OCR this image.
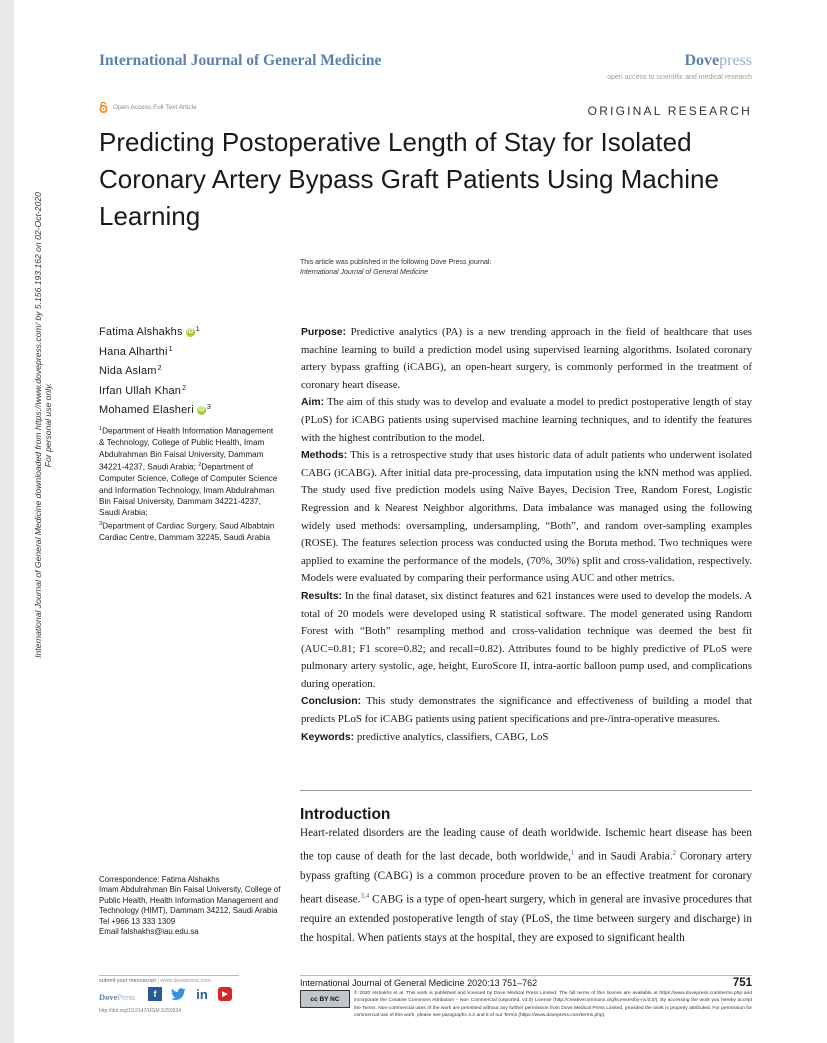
International Journal of General Medicine	Dovepress
open access to scientific and medical research
Open Access Full Text Article	ORIGINAL RESEARCH
Predicting Postoperative Length of Stay for Isolated Coronary Artery Bypass Graft Patients Using Machine Learning
International Journal of General Medicine downloaded from https://www.dovepress.com/ by 5.156.193.162 on 02-Oct-2020 For personal use only.
This article was published in the following Dove Press journal:
International Journal of General Medicine
Fatima Alshakhs iD $^1$
Hana Alharthi$^1$
Nida Aslam$^2$
Irfan Ullah Khan$^2$
Mohamed Elasheri iD $^3$
$^1$Department of Health Information Management & Technology, College of Public Health, Imam Abdulrahman Bin Faisal University, Dammam 34221-4237, Saudi Arabia; $^2$Department of Computer Science, College of Computer Science and Information Technology, Imam Abdulrahman Bin Faisal University, Dammam 34221-4237, Saudi Arabia;
$^3$Department of Cardiac Surgery, Saud Albabtain Cardiac Centre, Dammam 32245, Saudi Arabia

Purpose: Predictive analytics (PA) is a new trending approach in the field of healthcare that uses machine learning to build a prediction model using supervised learning algorithms. Isolated coronary artery bypass grafting (iCABG), an open-heart surgery, is commonly performed in the treatment of coronary heart disease.

Aim: The aim of this study was to develop and evaluate a model to predict postoperative length of stay (PLoS) for iCABG patients using supervised machine learning techniques, and to identify the features with the highest contribution to the model.

Methods: This is a retrospective study that uses historic data of adult patients who underwent isolated CABG (iCABG). After initial data pre-processing, data imputation using the kNN method was applied. The study used five prediction models using Naïve Bayes, Decision Tree, Random Forest, Logistic Regression and k Nearest Neighbor algorithms. Data imbalance was managed using the following widely used methods: oversampling, undersampling, “Both”, and random over-sampling examples (ROSE). The features selection process was conducted using the Boruta method. Two techniques were applied to examine the performance of the models, (70%, 30%) split and cross-validation, respectively. Models were evaluated by comparing their performance using AUC and other metrics.

Results: In the final dataset, six distinct features and 621 instances were used to develop the models. A total of 20 models were developed using R statistical software. The model generated using Random Forest with “Both” resampling method and cross-validation technique was deemed the best fit (AUC=0.81; F1 score=0.82; and recall=0.82). Attributes found to be highly predictive of PLoS were pulmonary artery systolic, age, height, EuroScore II, intra-aortic balloon pump used, and complications during operation.

Conclusion: This study demonstrates the significance and effectiveness of building a model that predicts PLoS for iCABG patients using patient specifications and pre-/intra-operative measures.

Keywords: predictive analytics, classifiers, CABG, LoS

Introduction
Heart-related disorders are the leading cause of death worldwide. Ischemic heart disease has been the top cause of death for the last decade, both worldwide,$^1$ and in Saudi Arabia.$^2$ Coronary artery bypass grafting (CABG) is a common procedure proven to be an effective treatment for coronary heart disease.$^{3,4}$ CABG is a type of open-heart surgery, which in general are invasive procedures that require an extended postoperative length of stay (PLoS, the time between surgery and discharge) in the hospital. When patients stays at the hospital, they are exposed to significant health
Correspondence: Fatima Alshakhs
Imam Abdulrahman Bin Faisal University, College of Public Health, Health Information Management and Technology (HIMT), Dammam 34212, Saudi Arabia
Tel +966 13 333 1309
Email falshakhs@iau.edu.sa
submit your manuscript | www.dovepress.com
DovePress	f	in	▶
http://doi.org/10.2147/IJGM.S250334
International Journal of General Medicine 2020:13 751–762	751
cc BY NC
© 2020 Alshakhs et al. This work is published and licensed by Dove Medical Press Limited. The full terms of this license are available at https://www.dovepress.com/terms.php and incorporate the Creative Commons Attribution – Non Commercial (unported, v3.0) License (http://creativecommons.org/licenses/by-nc/3.0/). By accessing the work you hereby accept the Terms. Non-commercial uses of the work are permitted without any further permission from Dove Medical Press Limited, provided the work is properly attributed. For permission for commercial use of this work, please see paragraphs 4.2 and 5 of our Terms (https://www.dovepress.com/terms.php).
